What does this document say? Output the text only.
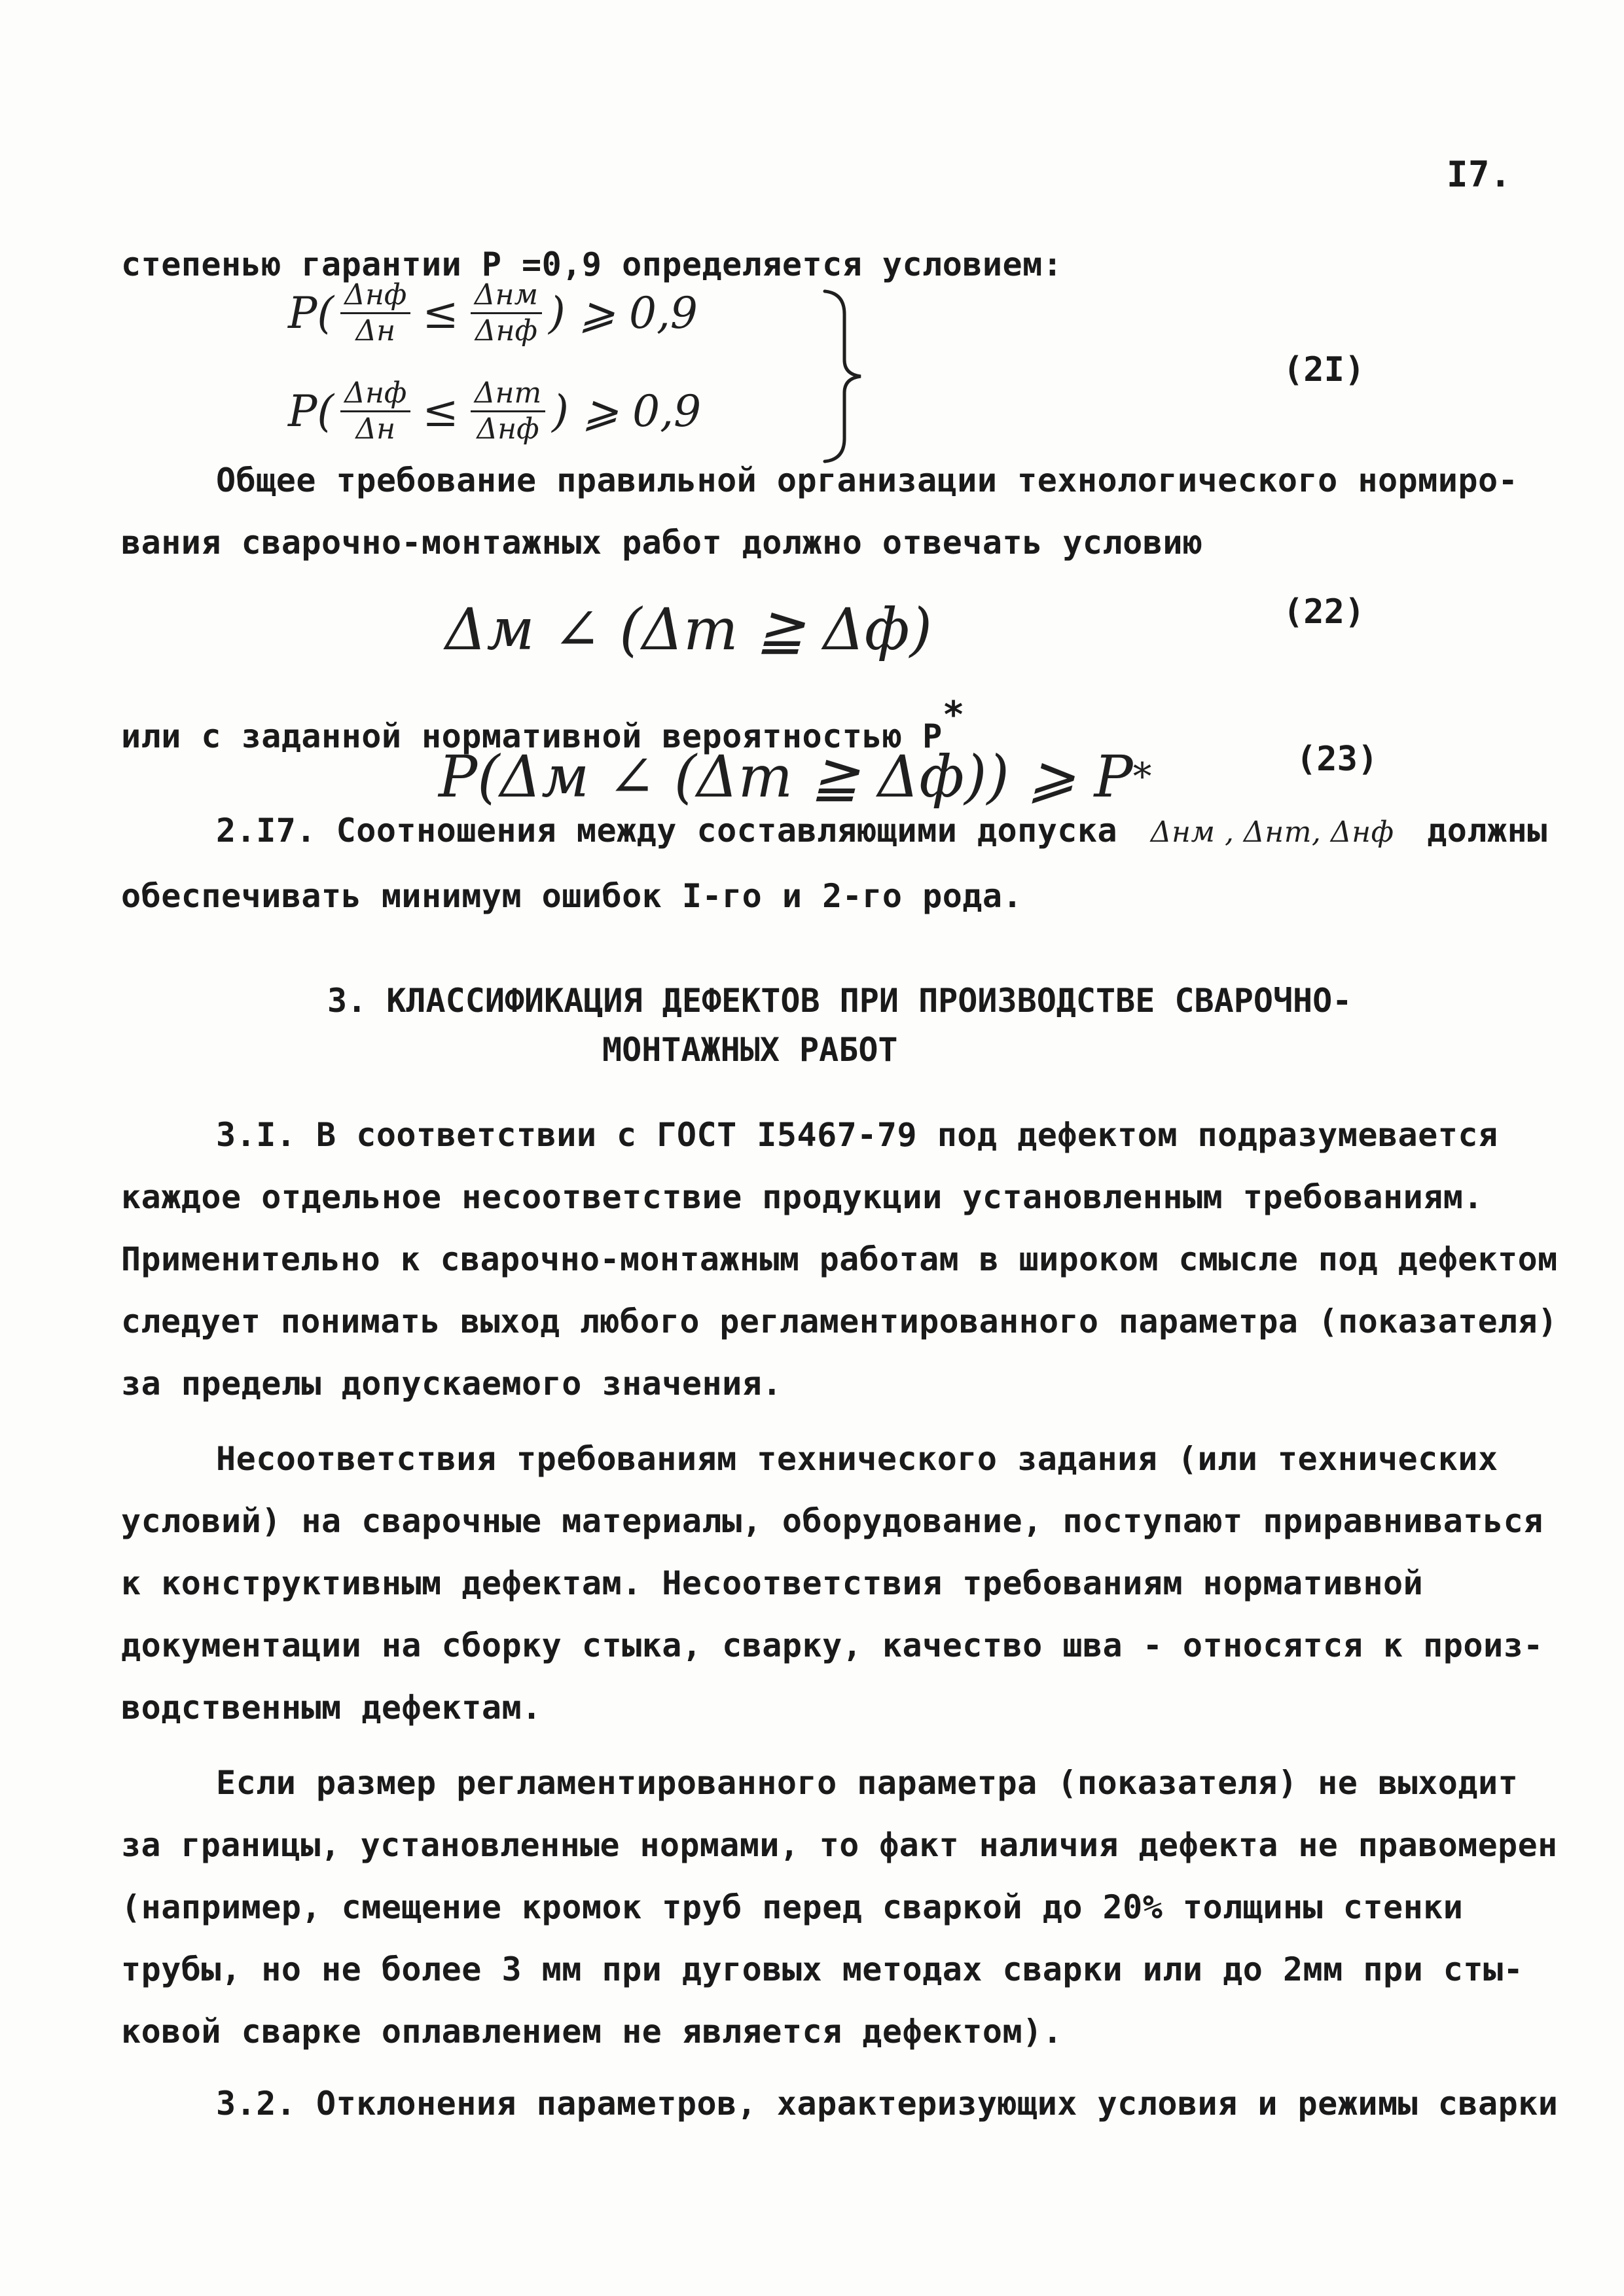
I7.
степенью гарантии P =0,9 определяется условием:
$P( \frac{\text{Δнф}}{\Delta н} \le \frac{\text{Δнм}}{\text{Δнф}}$ ) ⩾ 0,9
$P( \frac{\text{Δнф}}{\Delta н} \le \frac{\text{Δнт}}{\text{Δнф}}$ ) ⩾ 0,9
(2I)
Общее требование правильной организации технологического нормиро-
вания сварочно-монтажных работ должно отвечать условию
Δм ∠ (Δт ≧ Δф)	(22)
или с заданной нормативной вероятностью P*
P(Δм ∠ (Δт ≧ Δф)) ⩾ P *	(23)
2.I7. Соотношения между составляющими допуска Δнм , Δнт, Δнф должны
обеспечивать минимум ошибок I-го и 2-го рода.
3. КЛАССИФИКАЦИЯ ДЕФЕКТОВ ПРИ ПРОИЗВОДСТВЕ СВАРОЧНО-
МОНТАЖНЫХ РАБОТ
3.I. В соответствии с ГОСТ I5467-79 под дефектом подразумевается
каждое отдельное несоответствие продукции установленным требованиям.
Применительно к сварочно-монтажным работам в широком смысле под дефектом
следует понимать выход любого регламентированного параметра (показателя)
за пределы допускаемого значения.
Несоответствия требованиям технического задания (или технических
условий) на сварочные материалы, оборудование, поступают приравниваться
к конструктивным дефектам. Несоответствия требованиям нормативной
документации на сборку стыка, сварку, качество шва - относятся к произ-
водственным дефектам.
Если размер регламентированного параметра (показателя) не выходит
за границы, установленные нормами, то факт наличия дефекта не правомерен
(например, смещение кромок труб перед сваркой до 20% толщины стенки
трубы, но не более 3 мм при дуговых методах сварки или до 2мм при сты-
ковой сварке оплавлением не является дефектом).
3.2. Отклонения параметров, характеризующих условия и режимы сварки
